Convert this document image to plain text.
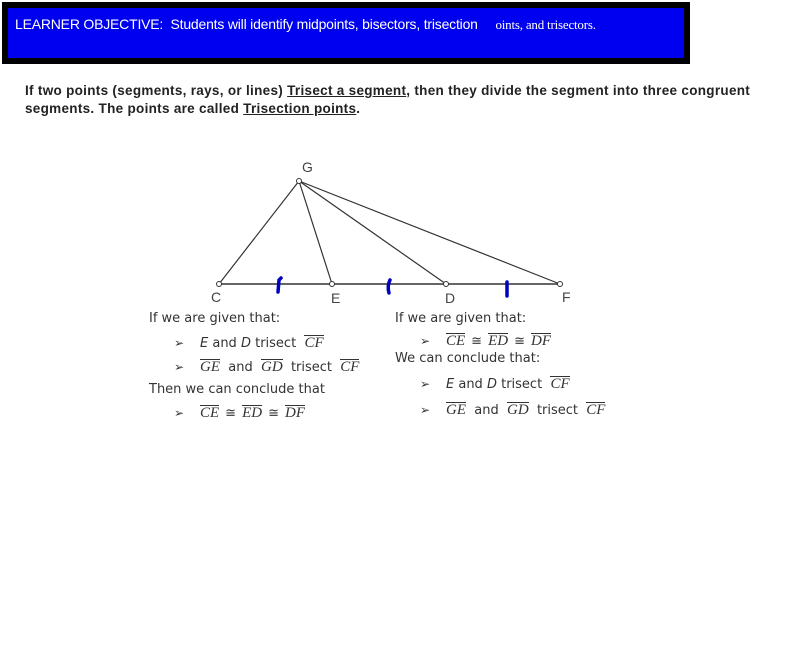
LEARNER OBJECTIVE: Students will identify midpoints, bisectors, trisection oints, and trisectors.
If two points (segments, rays, or lines) Trisect a segment, then they divide the segment into three congruent segments. The points are called Trisection points.
G
C	E	D	F
If we are given that:
➢ E and D trisect  CF
➢ GE and GD trisect CF
Then we can conclude that
➢ CE ≅ ED ≅ DF
If we are given that:
➢ CE ≅ ED ≅ DF
We can conclude that:
➢ E and D trisect  CF
➢ GE and GD trisect CF
